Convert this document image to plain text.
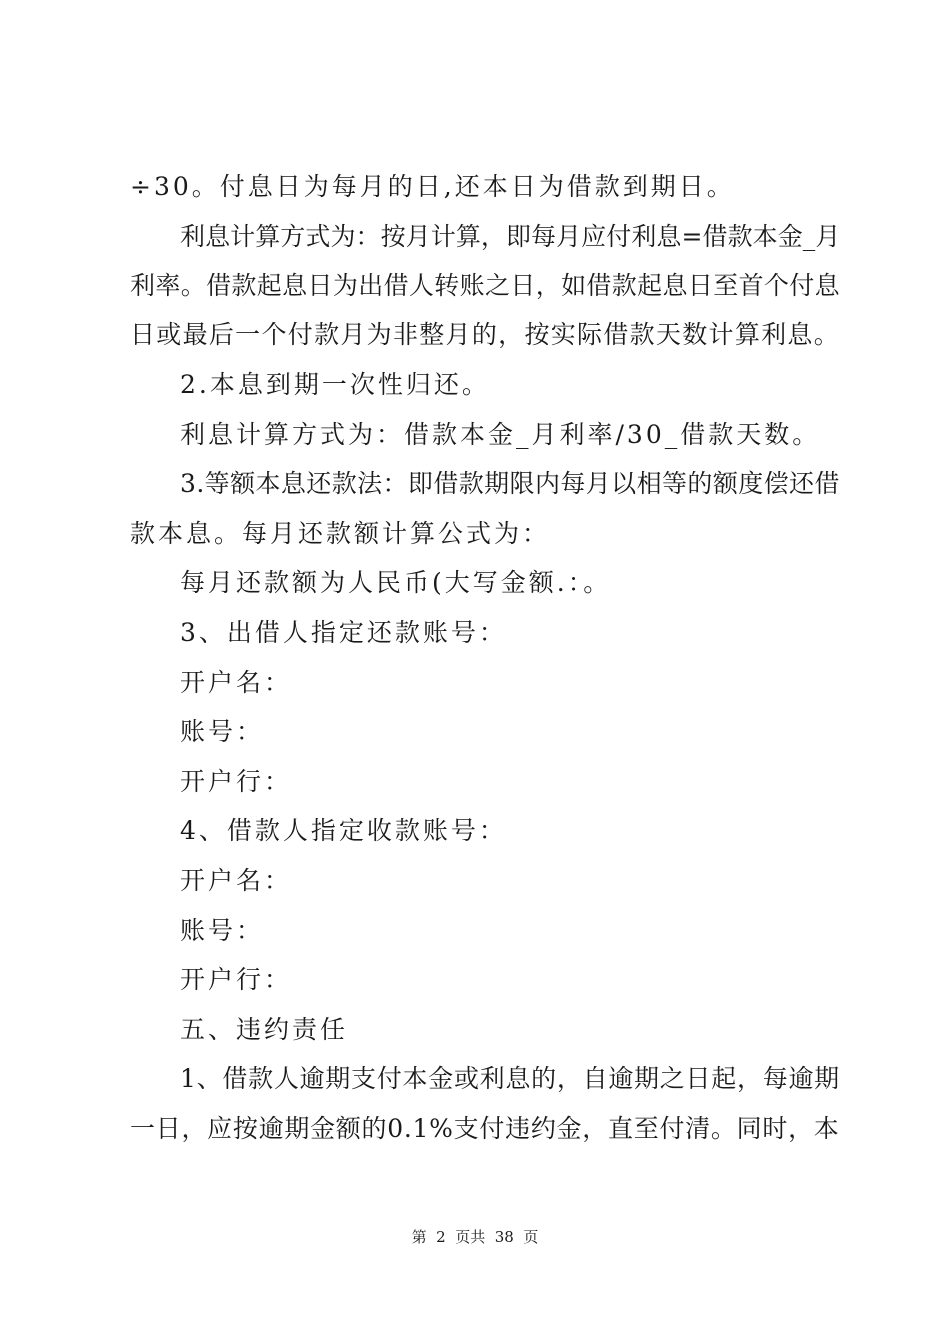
÷30。付息日为每月的日,还本日为借款到期日。
利息计算方式为：按月计算，即每月应付利息=借款本金_月
利率。借款起息日为出借人转账之日，如借款起息日至首个付息
日或最后一个付款月为非整月的，按实际借款天数计算利息。
2.本息到期一次性归还。
利息计算方式为：借款本金_月利率/30_借款天数。
3.等额本息还款法：即借款期限内每月以相等的额度偿还借
款本息。每月还款额计算公式为：
每月还款额为人民币(大写金额.：。
3、出借人指定还款账号：
开户名：
账号：
开户行：
4、借款人指定收款账号：
开户名：
账号：
开户行：
五、违约责任
1、借款人逾期支付本金或利息的，自逾期之日起，每逾期
一日，应按逾期金额的0.1%支付违约金，直至付清。同时，本
第  2  页共  38  页
